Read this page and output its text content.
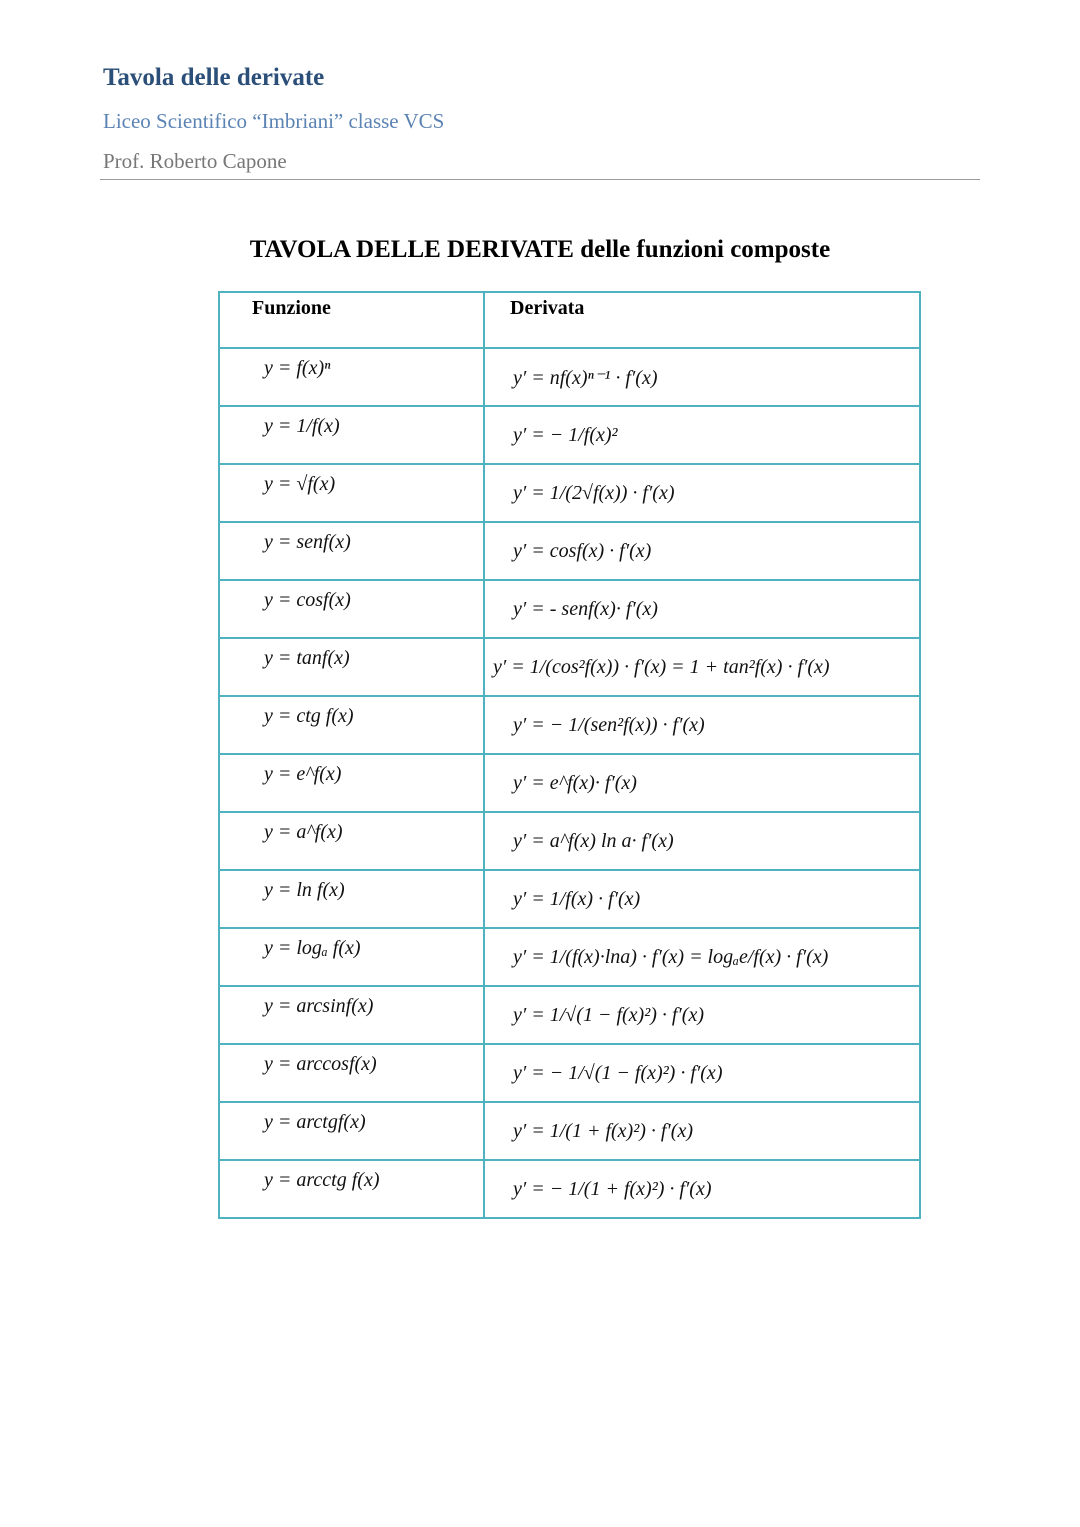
Tavola delle derivate
Liceo Scientifico “Imbriani” classe VCS
Prof. Roberto Capone
TAVOLA DELLE DERIVATE delle funzioni composte
Funzione	Derivata
y = f(x)ⁿ	y′ = nf(x)ⁿ⁻¹ · f′(x)
y = 1/f(x)	y′ = − 1/f(x)²
y = √f(x)	y′ = 1/(2√f(x)) · f′(x)
y = senf(x)	y′ = cosf(x) · f′(x)
y = cosf(x)	y′ = - senf(x)· f′(x)
y = tanf(x)	y′ = 1/(cos²f(x)) · f′(x) = 1 + tan²f(x) · f′(x)
y = ctg f(x)	y′ = − 1/(sen²f(x)) · f′(x)
y = e^f(x)	y′ = e^f(x)· f′(x)
y = a^f(x)	y′ = a^f(x) ln a· f′(x)
y = ln f(x)	y′ = 1/f(x) · f′(x)
y = logₐ f(x)	y′ = 1/(f(x)·lna) · f′(x) = logₐe/f(x) · f′(x)
y = arcsinf(x)	y′ = 1/√(1 − f(x)²) · f′(x)
y = arccosf(x)	y′ = − 1/√(1 − f(x)²) · f′(x)
y = arctgf(x)	y′ = 1/(1 + f(x)²) · f′(x)
y = arcctg f(x)	y′ = − 1/(1 + f(x)²) · f′(x)
